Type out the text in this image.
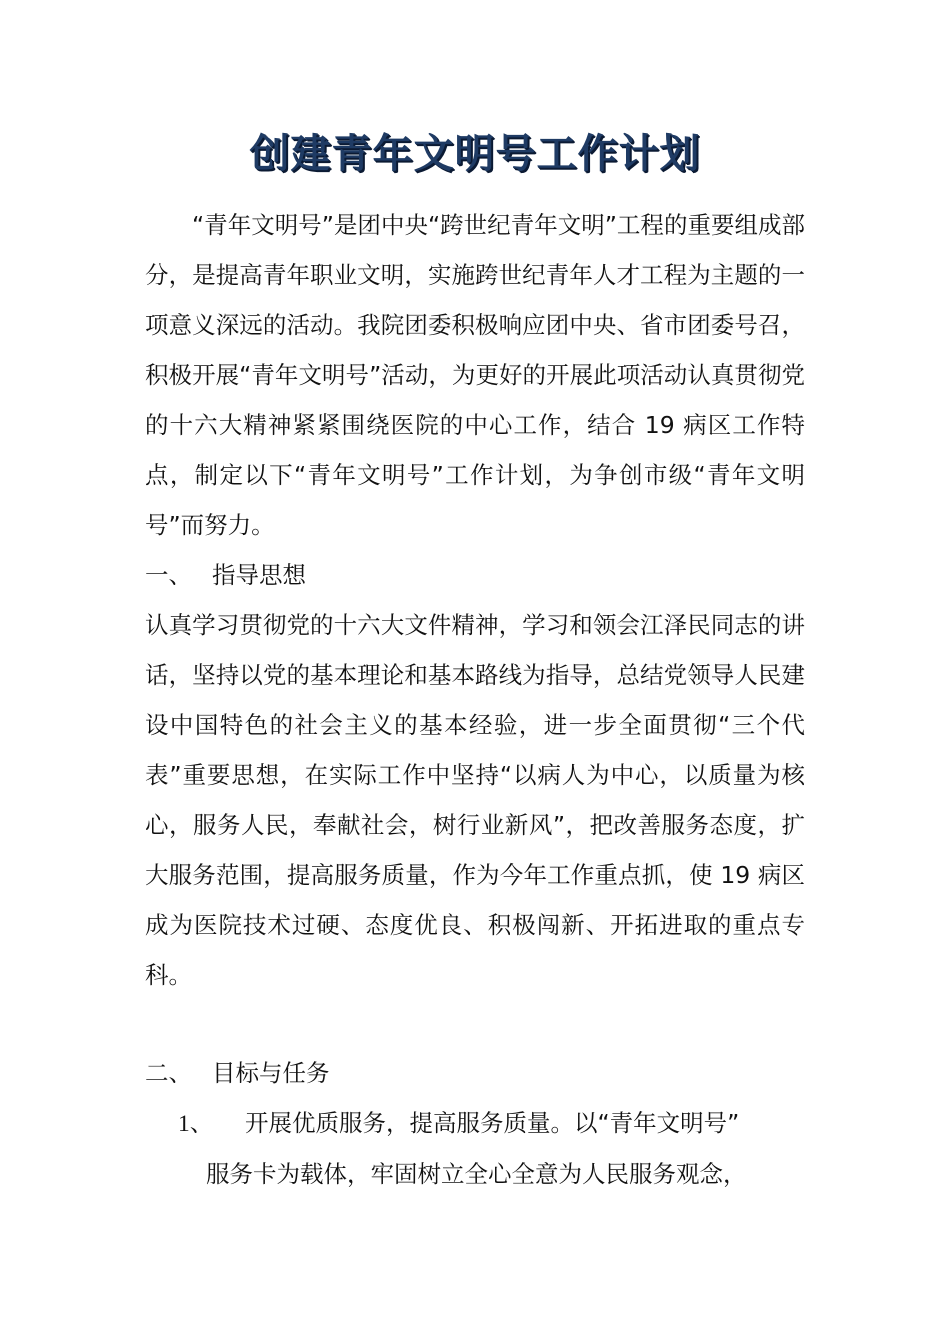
创建青年文明号工作计划

“青年文明号”是团中央“跨世纪青年文明”工程的重要组成部分，是提高青年职业文明，实施跨世纪青年人才工程为主题的一项意义深远的活动。我院团委积极响应团中央、省市团委号召，积极开展“青年文明号”活动，为更好的开展此项活动认真贯彻党的十六大精神紧紧围绕医院的中心工作，结合 19 病区工作特点，制定以下“青年文明号”工作计划，为争创市级“青年文明号”而努力。

一、 指导思想

认真学习贯彻党的十六大文件精神，学习和领会江泽民同志的讲话，坚持以党的基本理论和基本路线为指导，总结党领导人民建设中国特色的社会主义的基本经验，进一步全面贯彻“三个代表”重要思想，在实际工作中坚持“以病人为中心，以质量为核心，服务人民，奉献社会，树行业新风”，把改善服务态度，扩大服务范围，提高服务质量，作为今年工作重点抓，使 19 病区成为医院技术过硬、态度优良、积极闯新、开拓进取的重点专科。

二、 目标与任务
1、 开展优质服务，提高服务质量。以“青年文明号”
服务卡为载体，牢固树立全心全意为人民服务观念，
